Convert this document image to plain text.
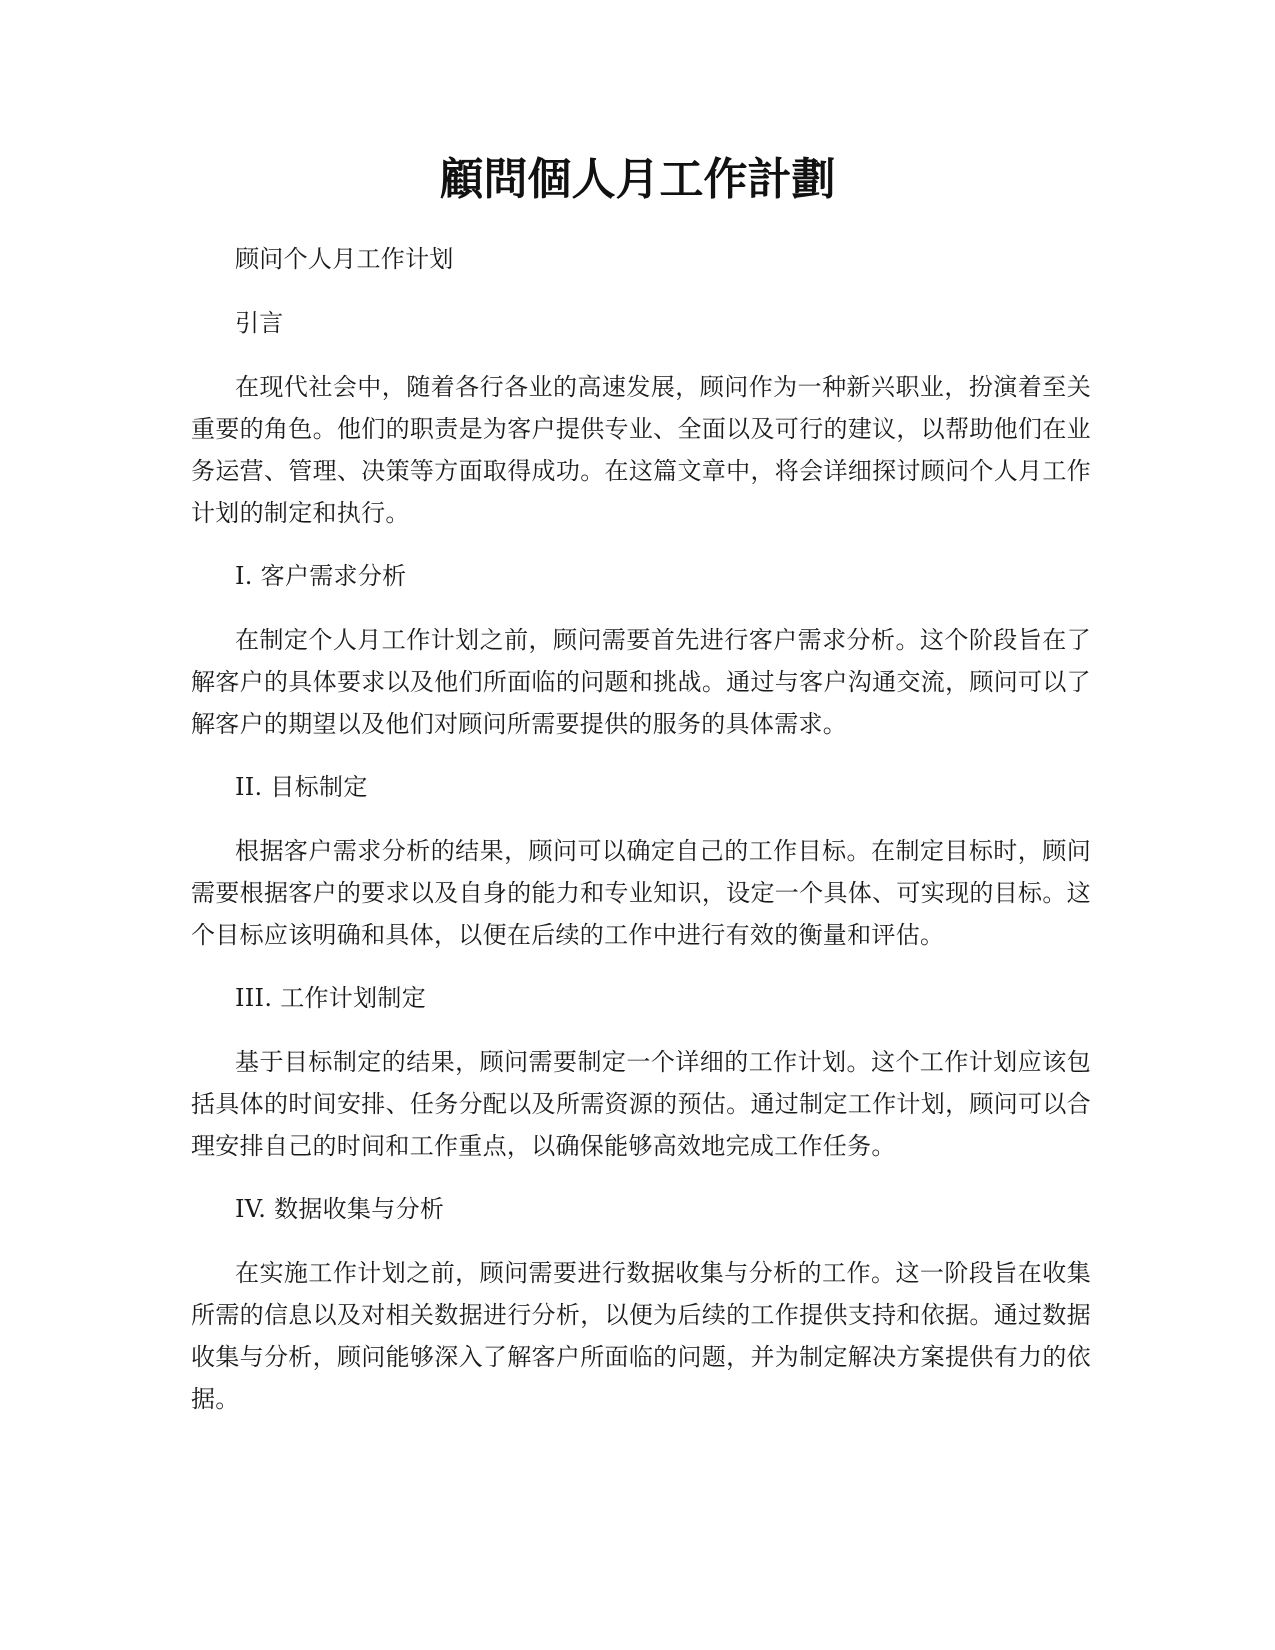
顧問個人月工作計劃

顾问个人月工作计划

引言

在现代社会中，随着各行各业的高速发展，顾问作为一种新兴职业，扮演着至关重要的角色。他们的职责是为客户提供专业、全面以及可行的建议，以帮助他们在业务运营、管理、决策等方面取得成功。在这篇文章中，将会详细探讨顾问个人月工作计划的制定和执行。

I. 客户需求分析

在制定个人月工作计划之前，顾问需要首先进行客户需求分析。这个阶段旨在了解客户的具体要求以及他们所面临的问题和挑战。通过与客户沟通交流，顾问可以了解客户的期望以及他们对顾问所需要提供的服务的具体需求。

II. 目标制定

根据客户需求分析的结果，顾问可以确定自己的工作目标。在制定目标时，顾问需要根据客户的要求以及自身的能力和专业知识，设定一个具体、可实现的目标。这个目标应该明确和具体，以便在后续的工作中进行有效的衡量和评估。

III. 工作计划制定

基于目标制定的结果，顾问需要制定一个详细的工作计划。这个工作计划应该包括具体的时间安排、任务分配以及所需资源的预估。通过制定工作计划，顾问可以合理安排自己的时间和工作重点，以确保能够高效地完成工作任务。

IV. 数据收集与分析

在实施工作计划之前，顾问需要进行数据收集与分析的工作。这一阶段旨在收集所需的信息以及对相关数据进行分析，以便为后续的工作提供支持和依据。通过数据收集与分析，顾问能够深入了解客户所面临的问题，并为制定解决方案提供有力的依据。
